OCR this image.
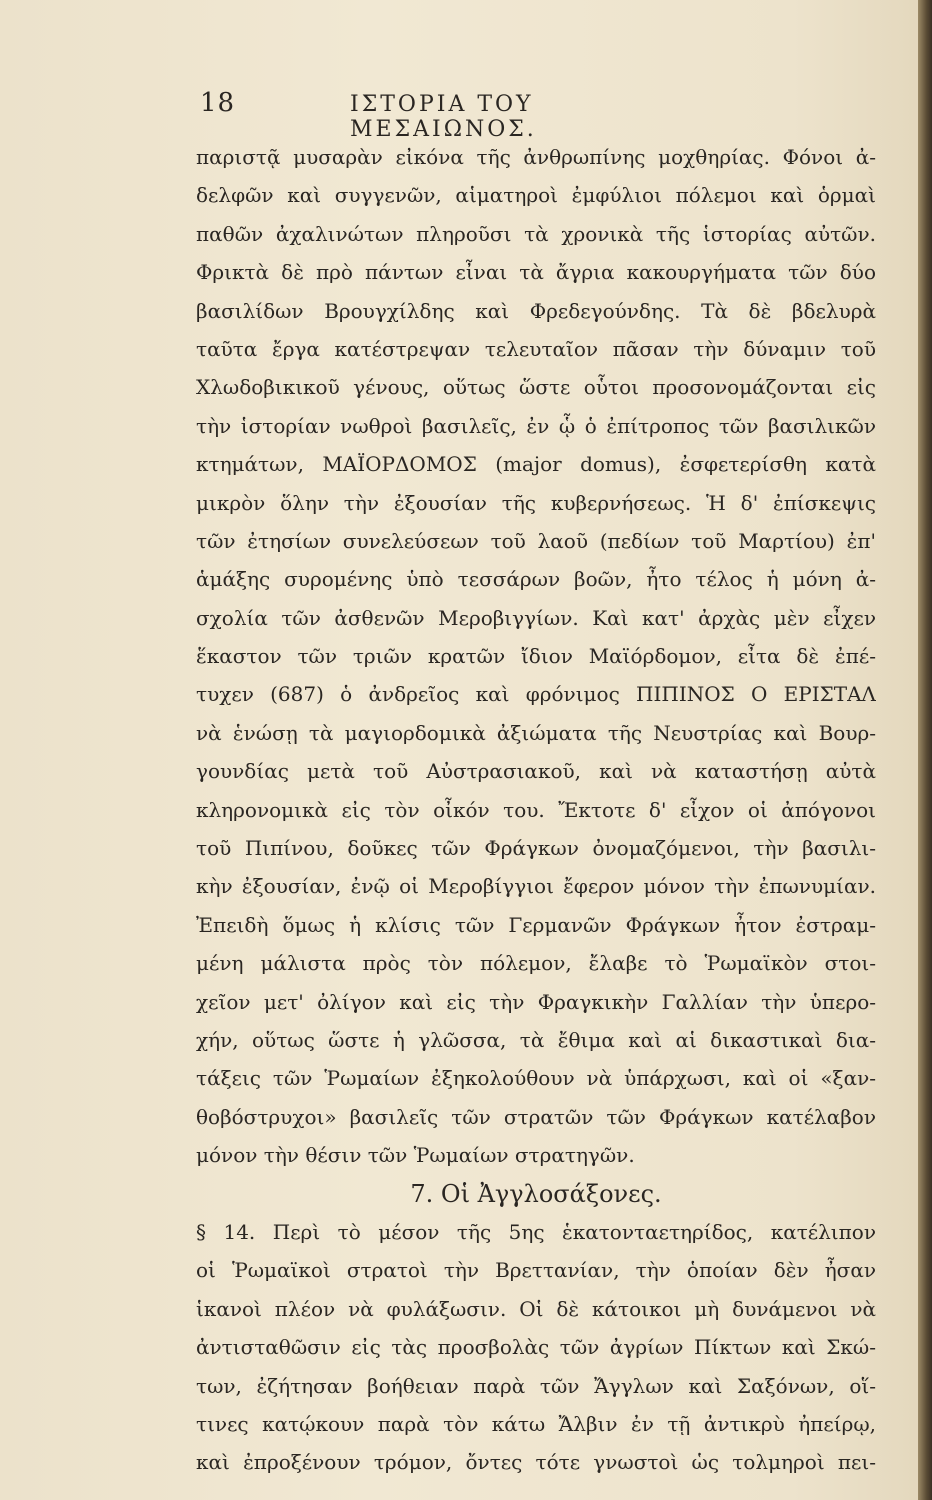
18	ΙΣΤΟΡΙΑ ΤΟΥ ΜΕΣΑΙΩΝΟΣ.
παριστᾷ μυσαρὰν εἰκόνα τῆς ἀνθρωπίνης μοχθηρίας. Φόνοι ἀ-
δελφῶν καὶ συγγενῶν, αἱματηροὶ ἐμφύλιοι πόλεμοι καὶ ὁρμαὶ
παθῶν ἀχαλινώτων πληροῦσι τὰ χρονικὰ τῆς ἱστορίας αὐτῶν.
Φρικτὰ δὲ πρὸ πάντων εἶναι τὰ ἄγρια κακουργήματα τῶν δύο
βασιλίδων Βρουγχίλδης καὶ Φρεδεγούνδης. Τὰ δὲ βδελυρὰ
ταῦτα ἔργα κατέστρεψαν τελευταῖον πᾶσαν τὴν δύναμιν τοῦ
Χλωδοβικικοῦ γένους, οὕτως ὥστε οὗτοι προσονομάζονται εἰς
τὴν ἱστορίαν νωθροὶ βασιλεῖς, ἐν ᾧ ὁ ἐπίτροπος τῶν βασιλικῶν
κτημάτων, ΜΑΪΟΡΔΟΜΟΣ (major domus), ἐσφετερίσθη κατὰ
μικρὸν ὅλην τὴν ἐξουσίαν τῆς κυβερνήσεως. Ἡ δ' ἐπίσκεψις
τῶν ἐτησίων συνελεύσεων τοῦ λαοῦ (πεδίων τοῦ Μαρτίου) ἐπ'
ἁμάξης συρομένης ὑπὸ τεσσάρων βοῶν, ἦτο τέλος ἡ μόνη ἀ-
σχολία τῶν ἀσθενῶν Μεροβιγγίων. Καὶ κατ' ἀρχὰς μὲν εἶχεν
ἕκαστον τῶν τριῶν κρατῶν ἴδιον Μαϊόρδομον, εἶτα δὲ ἐπέ-
τυχεν (687) ὁ ἀνδρεῖος καὶ φρόνιμος ΠΙΠΙΝΟΣ Ο ΕΡΙΣΤΑΛ
νὰ ἑνώσῃ τὰ μαγιορδομικὰ ἀξιώματα τῆς Νευστρίας καὶ Βουρ-
γουνδίας μετὰ τοῦ Αὐστρασιακοῦ, καὶ νὰ καταστήσῃ αὐτὰ
κληρονομικὰ εἰς τὸν οἶκόν του. Ἔκτοτε δ' εἶχον οἱ ἀπόγονοι
τοῦ Πιπίνου, δοῦκες τῶν Φράγκων ὀνομαζόμενοι, τὴν βασιλι-
κὴν ἐξουσίαν, ἐνῷ οἱ Μεροβίγγιοι ἔφερον μόνον τὴν ἐπωνυμίαν.
Ἐπειδὴ ὅμως ἡ κλίσις τῶν Γερμανῶν Φράγκων ἦτον ἐστραμ-
μένη μάλιστα πρὸς τὸν πόλεμον, ἔλαβε τὸ Ῥωμαϊκὸν στοι-
χεῖον μετ' ὀλίγον καὶ εἰς τὴν Φραγκικὴν Γαλλίαν τὴν ὑπερο-
χήν, οὕτως ὥστε ἡ γλῶσσα, τὰ ἔθιμα καὶ αἱ δικαστικαὶ δια-
τάξεις τῶν Ῥωμαίων ἐξηκολούθουν νὰ ὑπάρχωσι, καὶ οἱ «ξαν-
θοβόστρυχοι» βασιλεῖς τῶν στρατῶν τῶν Φράγκων κατέλαβον
μόνον τὴν θέσιν τῶν Ῥωμαίων στρατηγῶν.
7. Οἱ Ἀγγλοσάξονες.
§ 14. Περὶ τὸ μέσον τῆς 5ης ἑκατονταετηρίδος, κατέλιπον
οἱ Ῥωμαϊκοὶ στρατοὶ τὴν Βρεττανίαν, τὴν ὁποίαν δὲν ἦσαν
ἱκανοὶ πλέον νὰ φυλάξωσιν. Οἱ δὲ κάτοικοι μὴ δυνάμενοι νὰ
ἀντισταθῶσιν εἰς τὰς προσβολὰς τῶν ἀγρίων Πίκτων καὶ Σκώ-
των, ἐζήτησαν βοήθειαν παρὰ τῶν Ἄγγλων καὶ Σαξόνων, οἵ-
τινες κατῴκουν παρὰ τὸν κάτω Ἄλβιν ἐν τῇ ἀντικρὺ ἠπείρῳ,
καὶ ἐπροξένουν τρόμον, ὄντες τότε γνωστοὶ ὡς τολμηροὶ πει-
